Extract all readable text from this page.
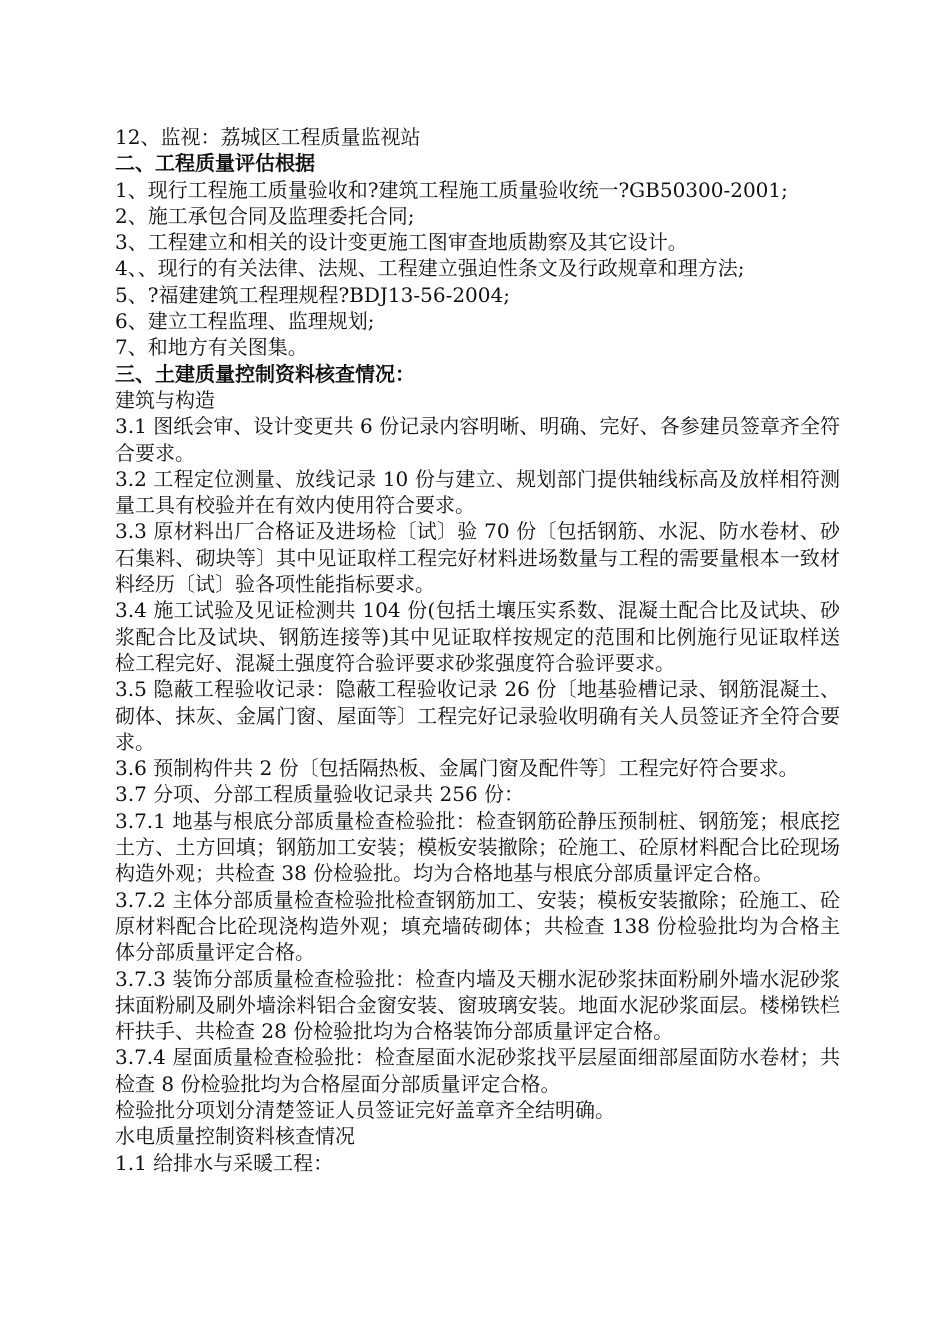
12、监视：荔城区工程质量监视站

二、工程质量评估根据

1、现行工程施工质量验收和?建筑工程施工质量验收统一?GB50300-2001;

2、施工承包合同及监理委托合同;

3、工程建立和相关的设计变更施工图审查地质勘察及其它设计。

4、、现行的有关法律、法规、工程建立强迫性条文及行政规章和理方法;

5、?福建建筑工程理规程?BDJ13-56-2004;

6、建立工程监理、监理规划;

7、和地方有关图集。

三、土建质量控制资料核查情况：

建筑与构造

3.1 图纸会审、设计变更共 6 份记录内容明晰、明确、完好、各参建员签章齐全符合要求。

3.2 工程定位测量、放线记录 10 份与建立、规划部门提供轴线标高及放样相符测量工具有校验并在有效内使用符合要求。

3.3 原材料出厂合格证及进场检〔试〕验 70 份〔包括钢筋、水泥、防水卷材、砂石集料、砌块等〕其中见证取样工程完好材料进场数量与工程的需要量根本一致材料经历〔试〕验各项性能指标要求。

3.4 施工试验及见证检测共 104 份(包括土壤压实系数、混凝土配合比及试块、砂浆配合比及试块、钢筋连接等)其中见证取样按规定的范围和比例施行见证取样送检工程完好、混凝土强度符合验评要求砂浆强度符合验评要求。

3.5 隐蔽工程验收记录：隐蔽工程验收记录 26 份〔地基验槽记录、钢筋混凝土、砌体、抹灰、金属门窗、屋面等〕工程完好记录验收明确有关人员签证齐全符合要求。

3.6 预制构件共 2 份〔包括隔热板、金属门窗及配件等〕工程完好符合要求。

3.7 分项、分部工程质量验收记录共 256 份：

3.7.1 地基与根底分部质量检查检验批：检查钢筋砼静压预制桩、钢筋笼；根底挖土方、土方回填；钢筋加工安装；模板安装撤除；砼施工、砼原材料配合比砼现场构造外观；共检查 38 份检验批。均为合格地基与根底分部质量评定合格。

3.7.2 主体分部质量检查检验批检查钢筋加工、安装；模板安装撤除；砼施工、砼原材料配合比砼现浇构造外观；填充墙砖砌体；共检查 138 份检验批均为合格主体分部质量评定合格。

3.7.3 装饰分部质量检查检验批：检查内墙及天棚水泥砂浆抹面粉刷外墙水泥砂浆抹面粉刷及刷外墙涂料铝合金窗安装、窗玻璃安装。地面水泥砂浆面层。楼梯铁栏杆扶手、共检查 28 份检验批均为合格装饰分部质量评定合格。

3.7.4 屋面质量检查检验批：检查屋面水泥砂浆找平层屋面细部屋面防水卷材；共检查 8 份检验批均为合格屋面分部质量评定合格。

检验批分项划分清楚签证人员签证完好盖章齐全结明确。

水电质量控制资料核查情况

1.1 给排水与采暖工程：
